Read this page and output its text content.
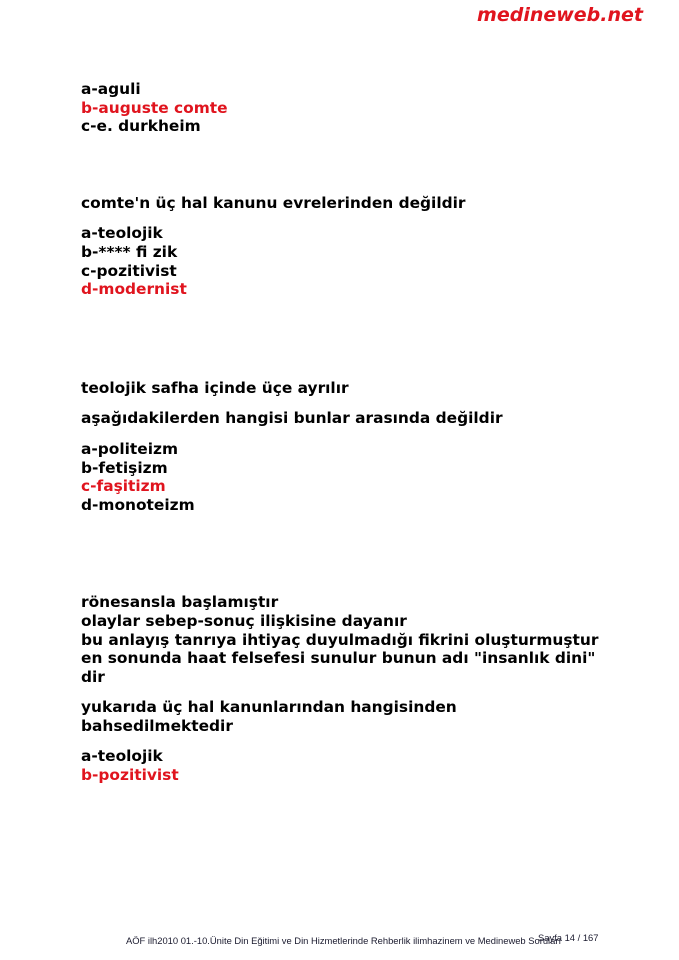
medineweb.net
a-aguli
b-auguste comte
c-e. durkheim
comte'n üç hal kanunu evrelerinden değildir
a-teolojik
b-**** fi zik
c-pozitivist
d-modernist
teolojik safha içinde üçe ayrılır
aşağıdakilerden hangisi bunlar arasında değildir
a-politeizm
b-fetişizm
c-faşitizm
d-monoteizm
rönesansla başlamıştır
olaylar sebep-sonuç ilişkisine dayanır
bu anlayış tanrıya ihtiyaç duyulmadığı fikrini oluşturmuştur
en sonunda haat felsefesi sunulur bunun adı "insanlık dini"
dir
yukarıda üç hal kanunlarından hangisinden
bahsedilmektedir
a-teolojik
b-pozitivist
AÖF ilh2010 01.-10.Ünite Din Eğitimi ve Din Hizmetlerinde Rehberlik ilimhazinem ve Medineweb Soruları
Sayfa 14 / 167
